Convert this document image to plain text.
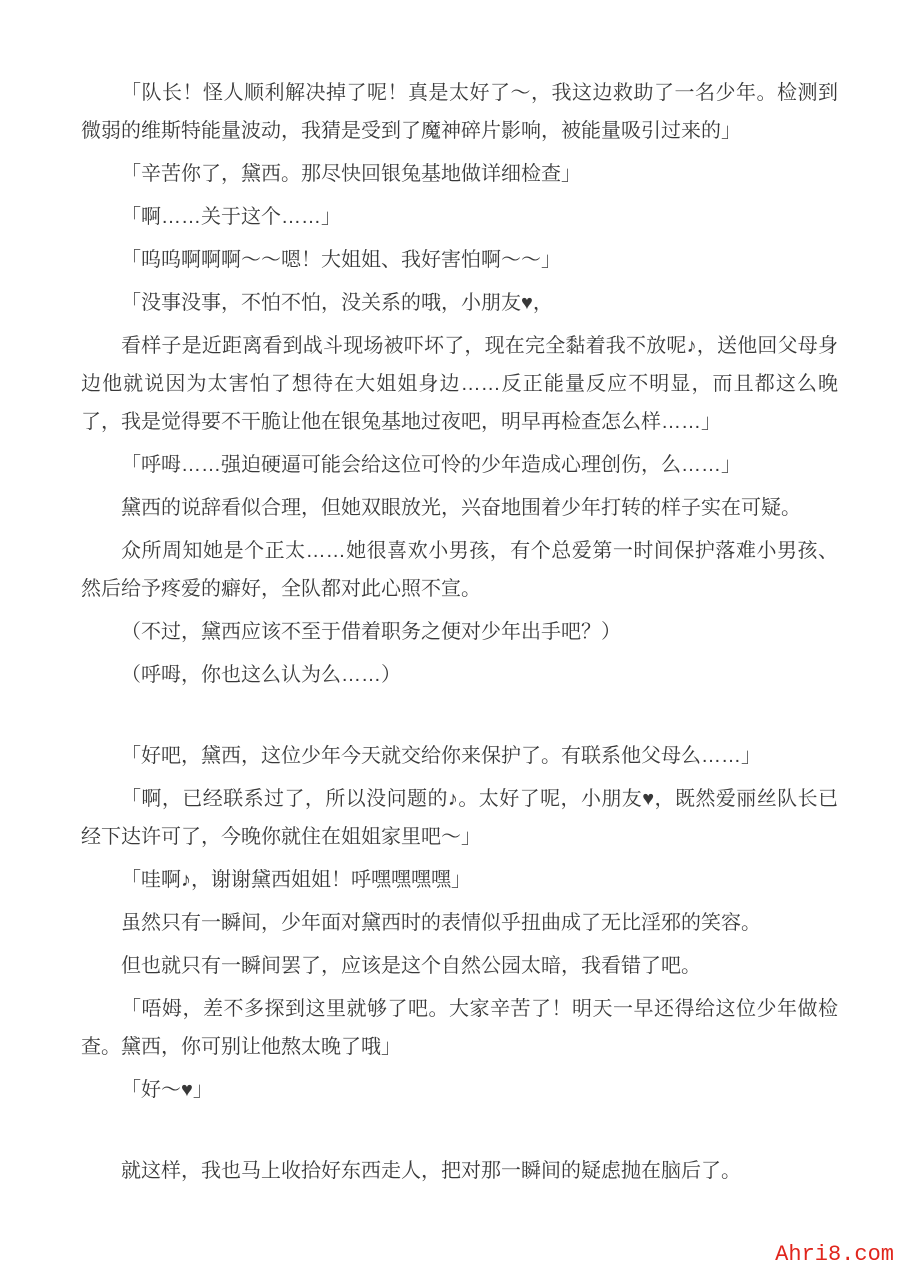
「队长！怪人顺利解决掉了呢！真是太好了～，我这边救助了一名少年。检测到微弱的维斯特能量波动，我猜是受到了魔神碎片影响，被能量吸引过来的」

「辛苦你了，黛西。那尽快回银兔基地做详细检查」

「啊……关于这个……」

「呜呜啊啊啊～～嗯！大姐姐、我好害怕啊～～」

「没事没事，不怕不怕，没关系的哦，小朋友♥，

看样子是近距离看到战斗现场被吓坏了，现在完全黏着我不放呢♪，送他回父母身边他就说因为太害怕了想待在大姐姐身边……反正能量反应不明显，而且都这么晚了，我是觉得要不干脆让他在银兔基地过夜吧，明早再检查怎么样……」

「呼呣……强迫硬逼可能会给这位可怜的少年造成心理创伤，么……」

黛西的说辞看似合理，但她双眼放光，兴奋地围着少年打转的样子实在可疑。

众所周知她是个正太……她很喜欢小男孩，有个总爱第一时间保护落难小男孩、然后给予疼爱的癖好，全队都对此心照不宣。

（不过，黛西应该不至于借着职务之便对少年出手吧？）

（呼呣，你也这么认为么……）

「好吧，黛西，这位少年今天就交给你来保护了。有联系他父母么……」

「啊，已经联系过了，所以没问题的♪。太好了呢，小朋友♥，既然爱丽丝队长已经下达许可了，今晚你就住在姐姐家里吧～」

「哇啊♪，谢谢黛西姐姐！呼嘿嘿嘿嘿」

虽然只有一瞬间，少年面对黛西时的表情似乎扭曲成了无比淫邪的笑容。

但也就只有一瞬间罢了，应该是这个自然公园太暗，我看错了吧。

「唔姆，差不多探到这里就够了吧。大家辛苦了！明天一早还得给这位少年做检查。黛西，你可别让他熬太晚了哦」

「好～♥」

就这样，我也马上收拾好东西走人，把对那一瞬间的疑虑抛在脑后了。

Ahri8.com
